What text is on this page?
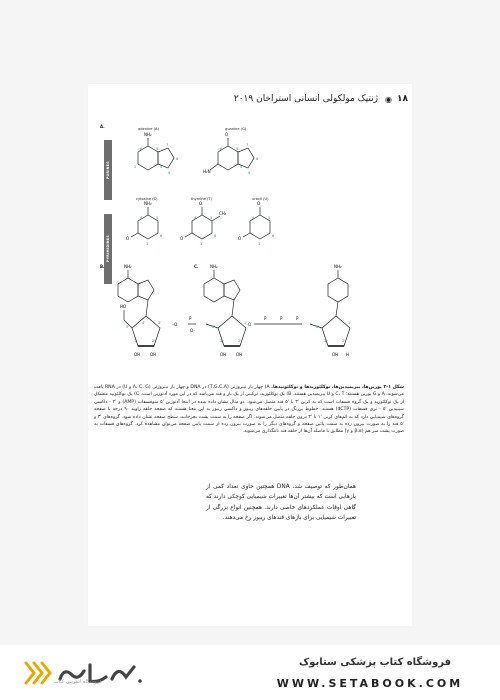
۱۸
◉
ژنتیک مولکولی انسانی استراخان ۲۰۱۹
A.
PURINES
PYRIMIDINES
adenine (A)	guanine (G)
cytosine (C)	thymine (T)	uracil (U)
NH₂	O
H₂N
NH₂
O
O
CH₃
O
O
O
NH₂	NH₂	NH₂
HO
OH OH
⁻O
P
O⁻
OH OH
⁻O
P	P	P
OH H
6	5
4
2
7
8
9
6	5
4
7
8
9
4	5
6
1
4	5
6
1
4	5
6
1
5'
1'
2'
3'
4'
5'
1'
2'
3'
5'
1'
2'
3'
B.	C.
شکل ۱-۲ پورین‌ها، پیریمیدین‌ها، نوکلئوزیدها و نوکلئوتیدها. A) چهار باز نیتروژنی (T،G،C،A) در DNA و چهار باز نیتروژنی (A، C، G و U) در RNA یافت می‌شوند. A و G پورین هستند؛ C، T و U پیریمیدین هستند. B) یک نوکلئوزید، ترکیبی از یک باز و قند می‌باشد که در این مورد آدنوزین است. C) یک نوکلئوتید متشکل از یک نوکلئوزید و یک گروه فسفات است که به کربن '۳ یا '۵ قند متصل می‌شود. دو مثال نشان داده شده در اینجا آدنوزین '۵ منوفسفات (AMP) و '۲ - داکسی سیتیدین '۵ - تری فسفات (dCTP) هستند. خطوط پررنگ در پایین حلقه‌های ریبوز و داکسی ریبوز به این معنا هستند که صفحه حلقه زاویه ۹۰ درجه با صفحه گروه‌های شیمیایی دارد که به اتم‌های کربن '۱ تا '۳ درون حلقه متصل می‌شوند. اگر صفحه را به سمت پشت بچرخانید، سطح صفحه نشان داده شود. گروه‌های '۳ و '۵ قند را به صورت بیرون زده به سمت پائین صفحه و گروه‌های دیگر را به صورت بیرون زده از سمت پایین صفحه می‌توان مشاهده کرد. گروه‌های فسفات به صورت پشت سر هم (β،α و γ) مطابق با فاصله آن‌ها از حلقه قند نامگذاری می‌شوند.
همان‌طور که توصیف شد، DNA همچنین حاوی تعداد کمی از بازهایی است که بیشتر آن‌ها تغییرات شیمیایی کوچکی دارند که گاهی اوقات عملکردهای خاصی دارند. همچنین انواع بزرگی از تغییرات شیمیایی برای بازهای قندهای ریبوز رخ می‌دهند.
فروشگاه اینترنتی کتاب
فروشگاه کتاب پزشکی ستابوک
WWW.SETABOOK.COM
